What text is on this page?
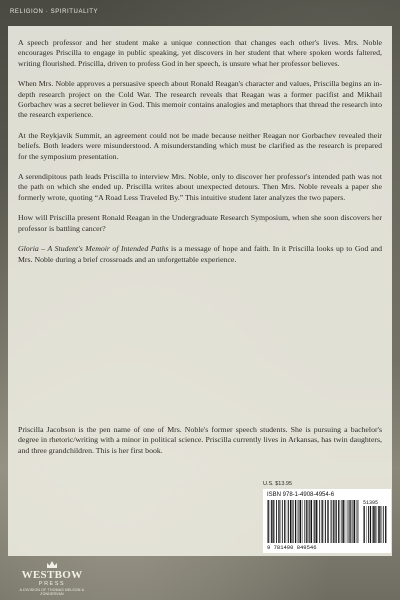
RELIGION · SPIRITUALITY

A speech professor and her student make a unique connection that changes each other's lives. Mrs. Noble encourages Priscilla to engage in public speaking, yet discovers in her student that where spoken words faltered, writing flourished. Priscilla, driven to profess God in her speech, is unsure what her professor believes.

When Mrs. Noble approves a persuasive speech about Ronald Reagan's character and values, Priscilla begins an in-depth research project on the Cold War. The research reveals that Reagan was a former pacifist and Mikhail Gorbachev was a secret believer in God. This memoir contains analogies and metaphors that thread the research into the research experience.

At the Reykjavik Summit, an agreement could not be made because neither Reagan nor Gorbachev revealed their beliefs. Both leaders were misunderstood. A misunderstanding which must be clarified as the research is prepared for the symposium presentation.

A serendipitous path leads Priscilla to interview Mrs. Noble, only to discover her professor's intended path was not the path on which she ended up. Priscilla writes about unexpected detours. Then Mrs. Noble reveals a paper she formerly wrote, quoting “A Road Less Traveled By.” This intuitive student later analyzes the two papers.

How will Priscilla present Ronald Reagan in the Undergraduate Research Symposium, when she soon discovers her professor is battling cancer?

Gloria – A Student's Memoir of Intended Paths is a message of hope and faith. In it Priscilla looks up to God and Mrs. Noble during a brief crossroads and an unforgettable experience.

Priscilla Jacobson is the pen name of one of Mrs. Noble's former speech students. She is pursuing a bachelor's degree in rhetoric/writing with a minor in political science. Priscilla currently lives in Arkansas, has twin daughters, and three grandchildren. This is her first book.

U.S. $13.95
ISBN 978-1-4908-4954-6
51395
9 781490 849546
WESTBOW
PRESS
A DIVISION OF THOMAS NELSON & ZONDERVAN
